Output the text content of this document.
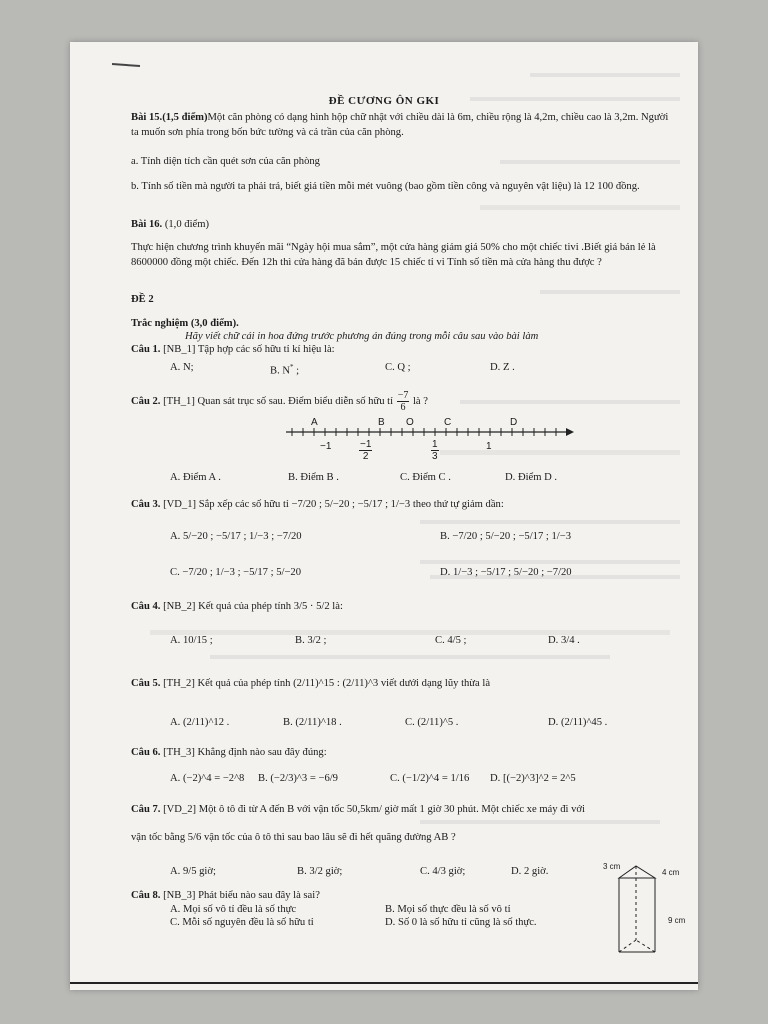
ĐỀ CƯƠNG ÔN GKI
Bài 15.(1,5 điểm)Một căn phòng có dạng hình hộp chữ nhật với chiều dài là 6m, chiều rộng là 4,2m, chiều cao là 3,2m. Người ta muốn sơn phía trong bốn bức tường và cả trần của căn phòng.
a. Tính diện tích cần quét sơn của căn phòng
b. Tính số tiền mà người ta phải trả, biết giá tiền mỗi mét vuông (bao gồm tiền công và nguyên vật liệu) là 12 100 đồng.
Bài 16. (1,0 điểm)
Thực hiện chương trình khuyến mãi “Ngày hội mua sắm”, một cửa hàng giảm giá 50% cho một chiếc tivi .Biết giá bán lẻ là 8600000 đồng một chiếc. Đến 12h thì cửa hàng đã bán được 15 chiếc tỉ vi Tính số tiền mà cửa hàng thu được ?
ĐỀ 2
Trắc nghiệm (3,0 điểm).
Hãy viết chữ cái in hoa đứng trước phương án đúng trong mỗi câu sau vào bài làm
Câu 1. [NB_1] Tập hợp các số hữu tỉ kí hiệu là:
A. N;	B. N* ;	C. Q ;	D. Z .
Câu 2. [TH_1] Quan sát trục số sau. Điểm biểu diễn số hữu tỉ $\frac{-7}{6}$ là ?
A	B O	C	D
−1	$\frac{-1}{2}$	$\frac{1}{3}$	1
A. Điểm A .	B. Điểm B .	C. Điểm C .	D. Điểm D .
Câu 3. [VD_1] Sắp xếp các số hữu tỉ −7/20 ; 5/−20 ; −5/17 ; 1/−3 theo thứ tự giảm dần:
A. 5/−20 ; −5/17 ; 1/−3 ; −7/20	B. −7/20 ; 5/−20 ; −5/17 ; 1/−3
C. −7/20 ; 1/−3 ; −5/17 ; 5/−20	D. 1/−3 ; −5/17 ; 5/−20 ; −7/20
Câu 4. [NB_2] Kết quả của phép tính 3/5 · 5/2 là:
A. 10/15 ;	B. 3/2 ;	C. 4/5 ;	D. 3/4 .
Câu 5. [TH_2] Kết quả của phép tính (2/11)^15 : (2/11)^3 viết dưới dạng lũy thừa là
A. (2/11)^12 .	B. (2/11)^18 .	C. (2/11)^5 .	D. (2/11)^45 .
Câu 6. [TH_3] Khẳng định nào sau đây đúng:
A. (−2)^4 = −2^8 B. (−2/3)^3 = −6/9	C. (−1/2)^4 = 1/16 D. [(−2)^3]^2 = 2^5
Câu 7. [VD_2] Một ô tô đi từ A đến B với vận tốc 50,5km/ giờ mất 1 giờ 30 phút. Một chiếc xe máy đi với
vận tốc bằng 5/6 vận tốc của ô tô thì sau bao lâu sẽ đi hết quãng đường AB ?
A. 9/5 giờ;	B. 3/2 giờ;	C. 4/3 giờ;	D. 2 giờ.
Câu 8. [NB_3] Phát biểu nào sau đây là sai?
A. Mọi số vô tỉ đều là số thực	B. Mọi số thực đều là số vô tỉ
C. Mỗi số nguyên đều là số hữu tỉ	D. Số 0 là số hữu tỉ cũng là số thực.
3 cm
4 cm
9 cm
